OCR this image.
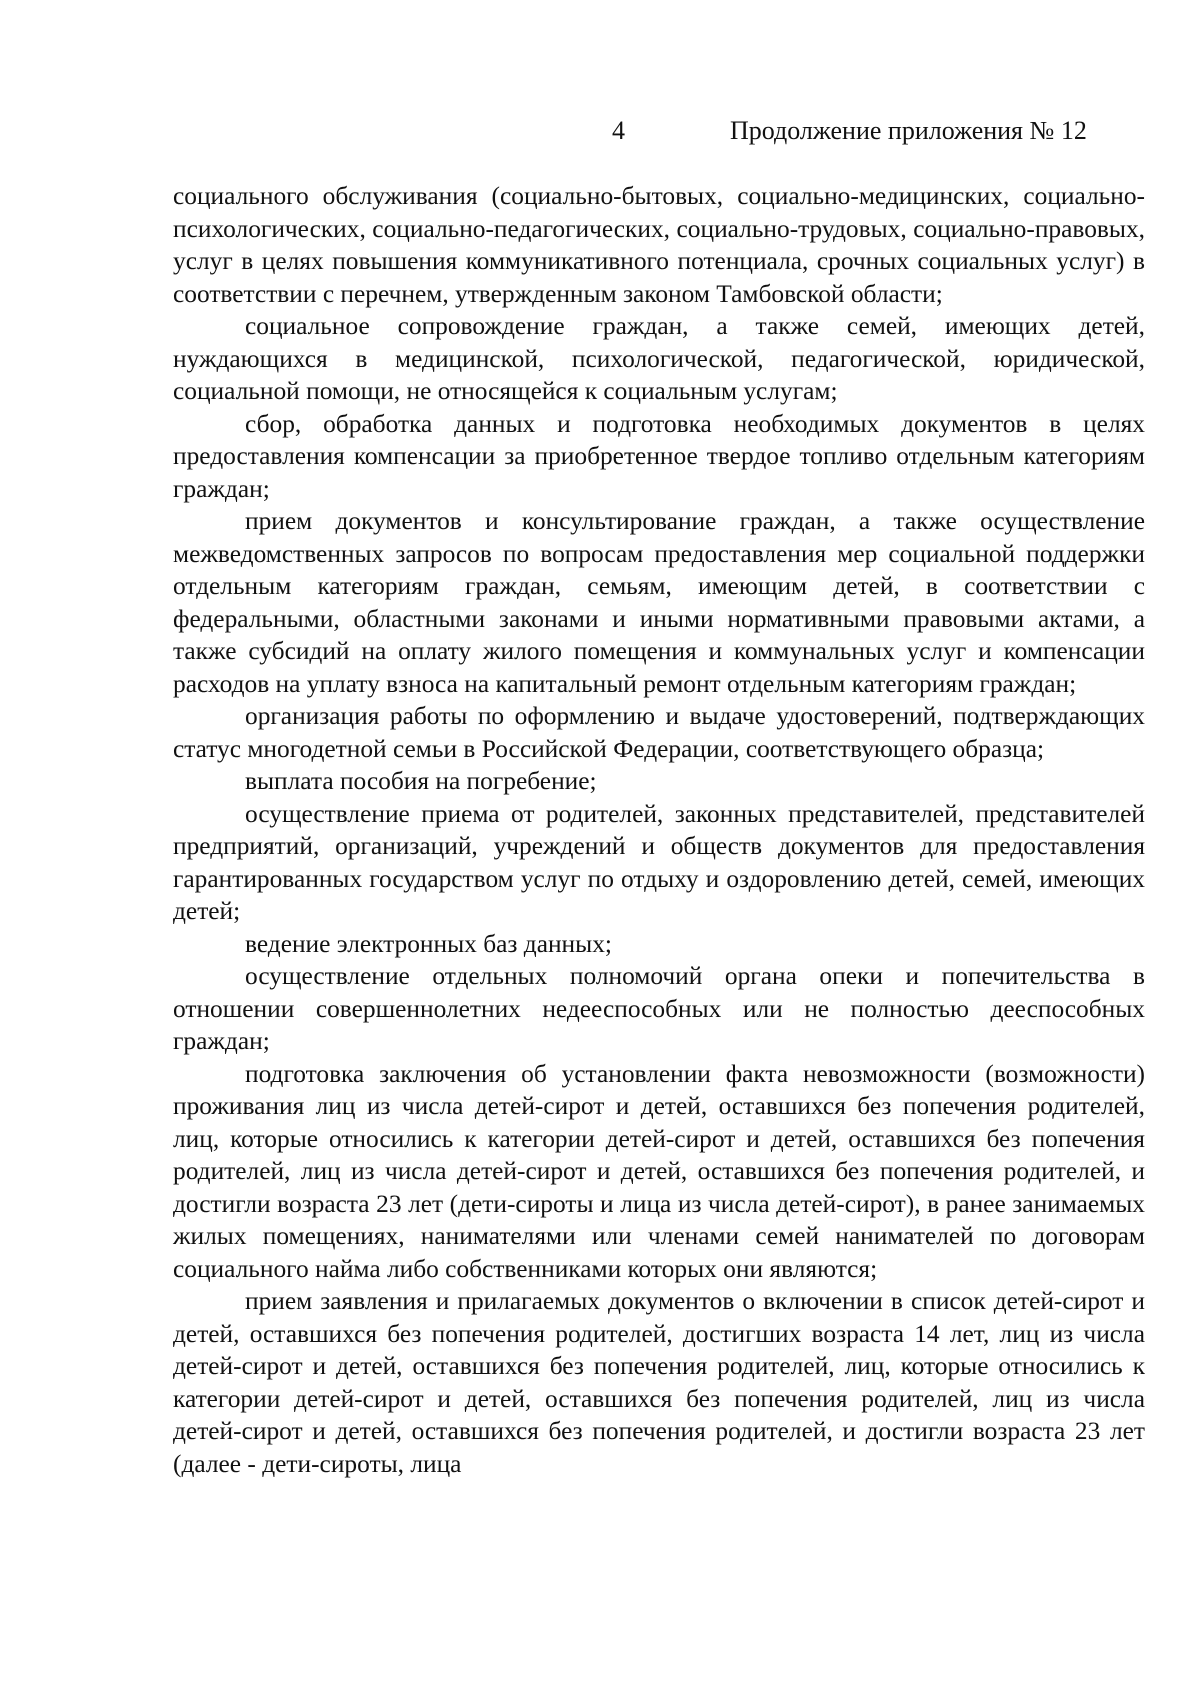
4	Продолжение приложения № 12

социального обслуживания (социально-бытовых, социально-медицинских, социально-психологических, социально-педагогических, социально-трудовых, социально-правовых, услуг в целях повышения коммуникативного потенциала, срочных социальных услуг) в соответствии с перечнем, утвержденным законом Тамбовской области;

социальное сопровождение граждан, а также семей, имеющих детей, нуждающихся в медицинской, психологической, педагогической, юридической, социальной помощи, не относящейся к социальным услугам;

сбор, обработка данных и подготовка необходимых документов в целях предоставления компенсации за приобретенное твердое топливо отдельным категориям граждан;

прием документов и консультирование граждан, а также осуществление межведомственных запросов по вопросам предоставления мер социальной поддержки отдельным категориям граждан, семьям, имеющим детей, в соответствии с федеральными, областными законами и иными нормативными правовыми актами, а также субсидий на оплату жилого помещения и коммунальных услуг и компенсации расходов на уплату взноса на капитальный ремонт отдельным категориям граждан;

организация работы по оформлению и выдаче удостоверений, подтверждающих статус многодетной семьи в Российской Федерации, соответствующего образца;

выплата пособия на погребение;

осуществление приема от родителей, законных представителей, представителей предприятий, организаций, учреждений и обществ документов для предоставления гарантированных государством услуг по отдыху и оздоровлению детей, семей, имеющих детей;

ведение электронных баз данных;

осуществление отдельных полномочий органа опеки и попечительства в отношении совершеннолетних недееспособных или не полностью дееспособных граждан;

подготовка заключения об установлении факта невозможности (возможности) проживания лиц из числа детей-сирот и детей, оставшихся без попечения родителей, лиц, которые относились к категории детей-сирот и детей, оставшихся без попечения родителей, лиц из числа детей-сирот и детей, оставшихся без попечения родителей, и достигли возраста 23 лет (дети-сироты и лица из числа детей-сирот), в ранее занимаемых жилых помещениях, нанимателями или членами семей нанимателей по договорам социального найма либо собственниками которых они являются;

прием заявления и прилагаемых документов о включении в список детей-сирот и детей, оставшихся без попечения родителей, достигших возраста 14 лет, лиц из числа детей-сирот и детей, оставшихся без попечения родителей, лиц, которые относились к категории детей-сирот и детей, оставшихся без попечения родителей, лиц из числа детей-сирот и детей, оставшихся без попечения родителей, и достигли возраста 23 лет (далее - дети-сироты, лица
